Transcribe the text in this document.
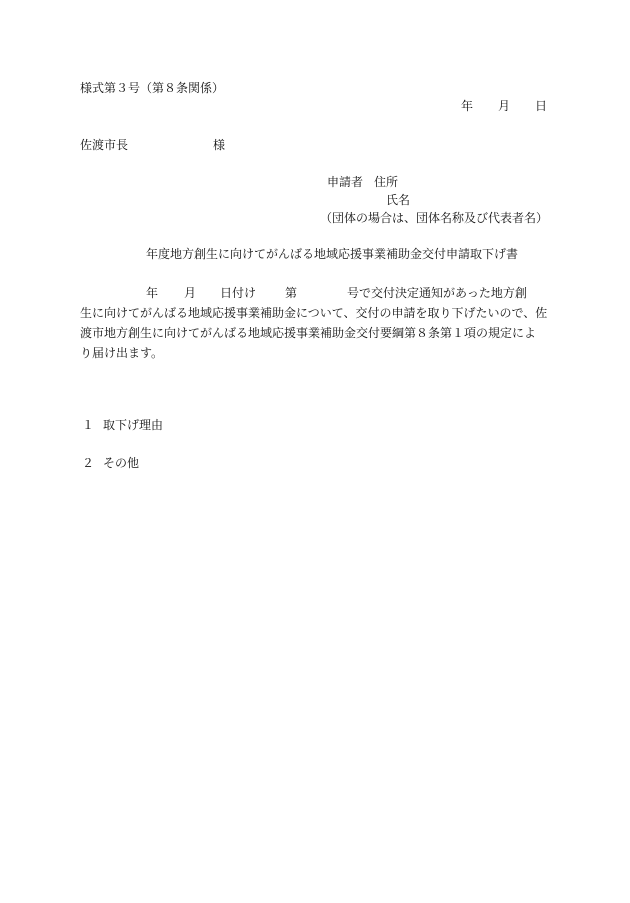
様式第３号（第８条関係）
年 月 日
佐渡市長	様
申請者 住所
氏名
（団体の場合は、団体名称及び代表者名）
年度地方創生に向けてがんばる地域応援事業補助金交付申請取下げ書
年 月 日付け 第	号で交付決定通知があった地方創
生に向けてがんばる地域応援事業補助金について、交付の申請を取り下げたいので、佐
渡市地方創生に向けてがんばる地域応援事業補助金交付要綱第８条第１項の規定によ
り届け出ます。
１ 取下げ理由
２ その他
